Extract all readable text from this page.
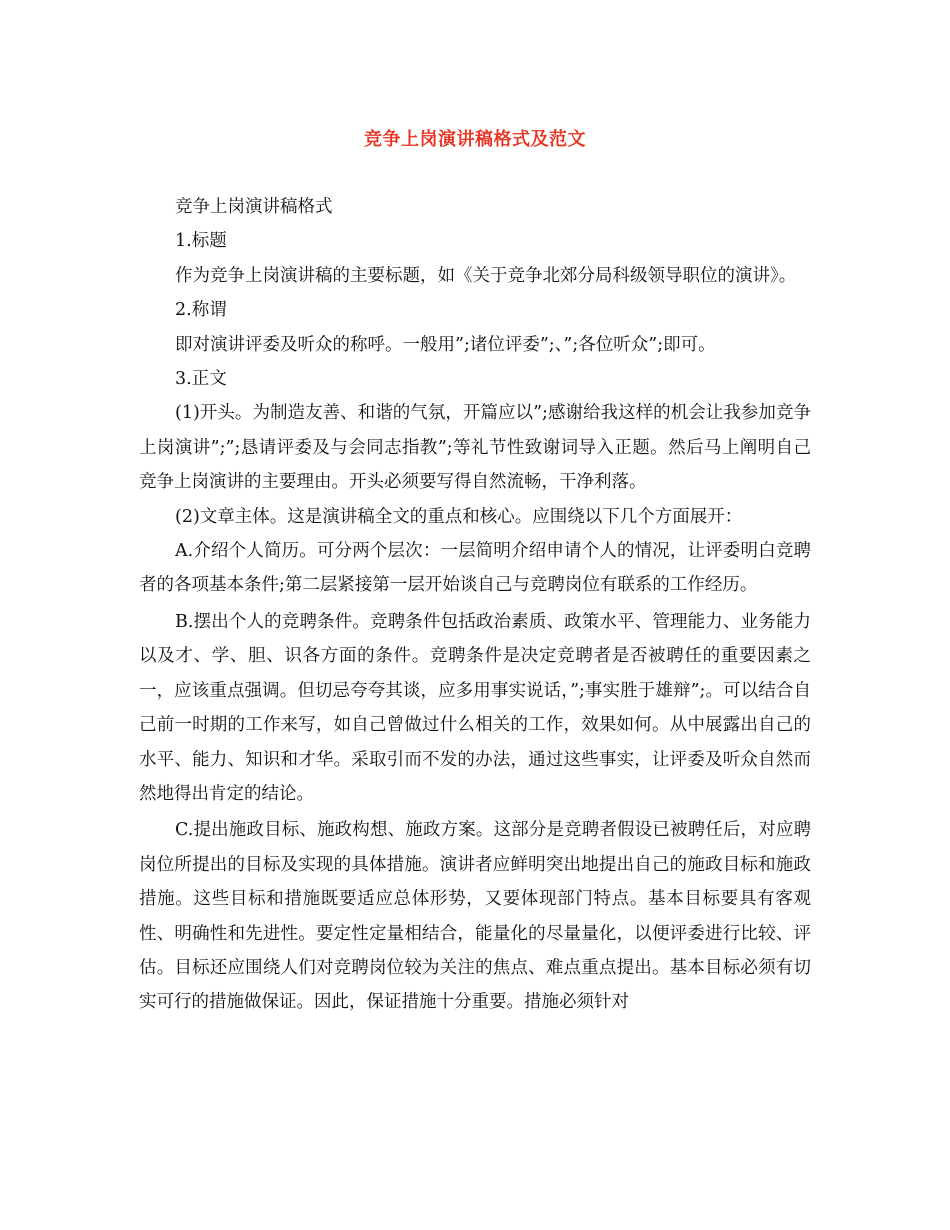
竞争上岗演讲稿格式及范文

竞争上岗演讲稿格式

1.标题

作为竞争上岗演讲稿的主要标题，如《关于竞争北郊分局科级领导职位的演讲》。

2.称谓

即对演讲评委及听众的称呼。一般用”;诸位评委”;、”;各位听众”;即可。

3.正文

(1)开头。为制造友善、和谐的气氛，开篇应以”;感谢给我这样的机会让我参加竞争上岗演讲”;”;恳请评委及与会同志指教”;等礼节性致谢词导入正题。然后马上阐明自己竞争上岗演讲的主要理由。开头必须要写得自然流畅，干净利落。

(2)文章主体。这是演讲稿全文的重点和核心。应围绕以下几个方面展开：

A.介绍个人简历。可分两个层次：一层简明介绍申请个人的情况，让评委明白竞聘者的各项基本条件;第二层紧接第一层开始谈自己与竞聘岗位有联系的工作经历。

B.摆出个人的竞聘条件。竞聘条件包括政治素质、政策水平、管理能力、业务能力以及才、学、胆、识各方面的条件。竞聘条件是决定竞聘者是否被聘任的重要因素之一，应该重点强调。但切忌夸夸其谈，应多用事实说话，”;事实胜于雄辩”;。可以结合自己前一时期的工作来写，如自己曾做过什么相关的工作，效果如何。从中展露出自己的水平、能力、知识和才华。采取引而不发的办法，通过这些事实，让评委及听众自然而然地得出肯定的结论。

C.提出施政目标、施政构想、施政方案。这部分是竞聘者假设已被聘任后，对应聘岗位所提出的目标及实现的具体措施。演讲者应鲜明突出地提出自己的施政目标和施政措施。这些目标和措施既要适应总体形势，又要体现部门特点。基本目标要具有客观性、明确性和先进性。要定性定量相结合，能量化的尽量量化，以便评委进行比较、评估。目标还应围绕人们对竞聘岗位较为关注的焦点、难点重点提出。基本目标必须有切实可行的措施做保证。因此，保证措施十分重要。措施必须针对
